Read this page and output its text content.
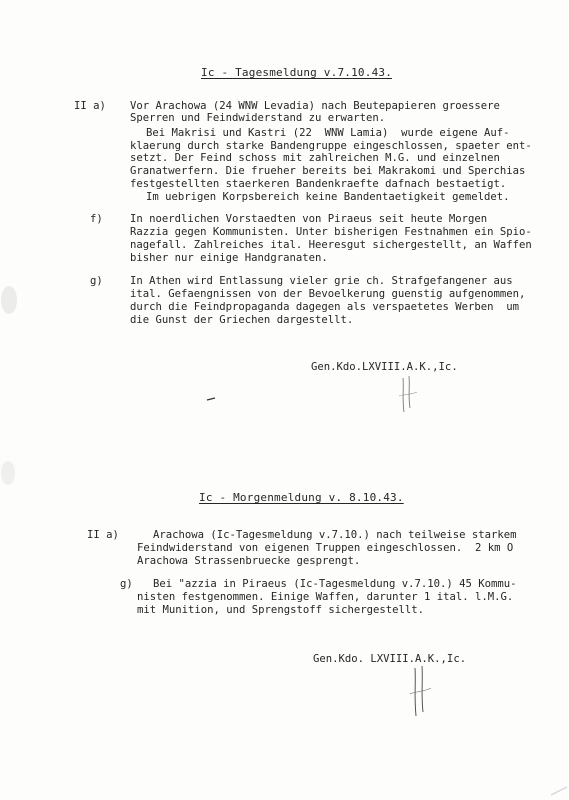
Ic - Tagesmeldung v.7.10.43.
II a) Vor Arachowa (24 WNW Levadia) nach Beutepapieren groessere
Sperren und Feindwiderstand zu erwarten.
Bei Makrisi und Kastri (22  WNW Lamia)  wurde eigene Auf-
klaerung durch starke Bandengruppe eingeschlossen, spaeter ent-
setzt. Der Feind schoss mit zahlreichen M.G. und einzelnen
Granatwerfern. Die frueher bereits bei Makrakomi und Sperchias
festgestellten staerkeren Bandenkraefte dafnach bestaetigt.
Im uebrigen Korpsbereich keine Bandentaetigkeit gemeldet.
f)	In noerdlichen Vorstaedten von Piraeus seit heute Morgen
Razzia gegen Kommunisten. Unter bisherigen Festnahmen ein Spio-
nagefall. Zahlreiches ital. Heeresgut sichergestellt, an Waffen
bisher nur einige Handgranaten.
g)	In Athen wird Entlassung vieler grie ch. Strafgefangener aus
ital. Gefaengnissen von der Bevoelkerung guenstig aufgenommen,
durch die Feindpropaganda dagegen als verspaetetes Werben  um
die Gunst der Griechen dargestellt.
Gen.Kdo.LXVIII.A.K.,Ic.
Ic - Morgenmeldung v. 8.10.43.
II a)	Arachowa (Ic-Tagesmeldung v.7.10.) nach teilweise starkem
Feindwiderstand von eigenen Truppen eingeschlossen.  2 km O
Arachowa Strassenbruecke gesprengt.
g) Bei "azzia in Piraeus (Ic-Tagesmeldung v.7.10.) 45 Kommu-
nisten festgenommen. Einige Waffen, darunter 1 ital. l.M.G.
mit Munition, und Sprengstoff sichergestellt.
Gen.Kdo. LXVIII.A.K.,Ic.
